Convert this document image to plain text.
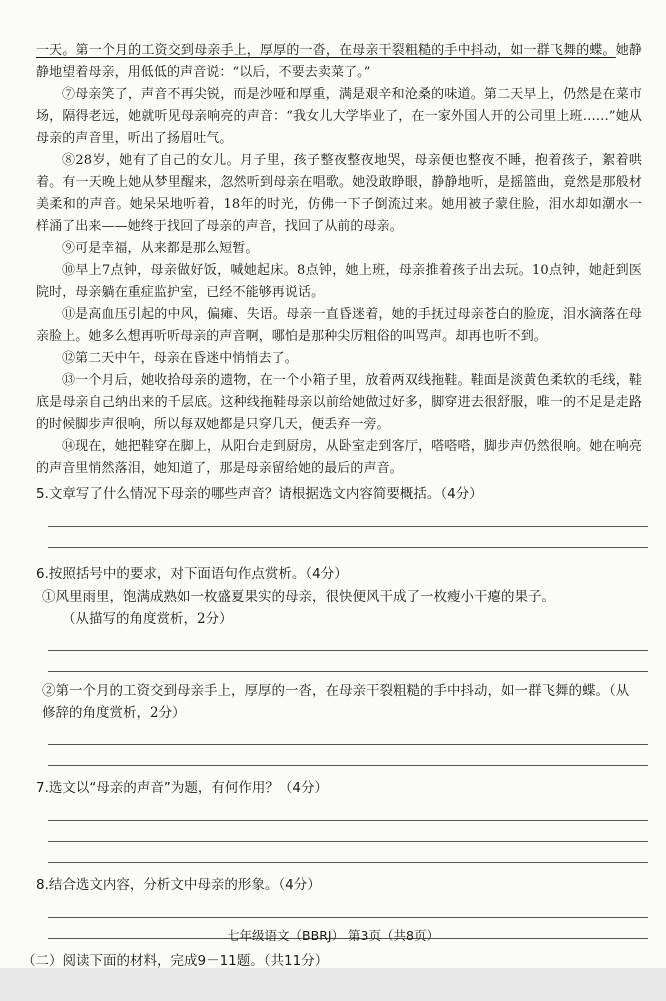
一天。第一个月的工资交到母亲手上，厚厚的一沓，在母亲干裂粗糙的手中抖动，如一群飞舞的蝶。她静静地望着母亲，用低低的声音说：“以后，不要去卖菜了。”

⑦母亲笑了，声音不再尖锐，而是沙哑和厚重，满是艰辛和沧桑的味道。第二天早上，仍然是在菜市场，隔得老远，她就听见母亲响亮的声音：“我女儿大学毕业了，在一家外国人开的公司里上班……”她从母亲的声音里，听出了扬眉吐气。

⑧28岁，她有了自己的女儿。月子里，孩子整夜整夜地哭，母亲便也整夜不睡，抱着孩子，絮着哄着。有一天晚上她从梦里醒来，忽然听到母亲在唱歌。她没敢睁眼，静静地听，是摇篮曲，竟然是那般材美柔和的声音。她呆呆地听着，18年的时光，仿佛一下子倒流过来。她用被子蒙住脸，泪水却如潮水一样涌了出来——她终于找回了母亲的声音，找回了从前的母亲。

⑨可是幸福，从来都是那么短暂。

⑩早上7点钟，母亲做好饭，喊她起床。8点钟，她上班，母亲推着孩子出去玩。10点钟，她赶到医院时，母亲躺在重症监护室，已经不能够再说话。

⑪是高血压引起的中风，偏瘫、失语。母亲一直昏迷着，她的手抚过母亲苍白的脸庞，泪水滴落在母亲脸上。她多么想再听听母亲的声音啊，哪怕是那种尖厉粗俗的叫骂声。却再也听不到。

⑫第二天中午，母亲在昏迷中悄悄去了。

⑬一个月后，她收拾母亲的遗物，在一个小箱子里，放着两双线拖鞋。鞋面是淡黄色柔软的毛线，鞋底是母亲自己纳出来的千层底。这种线拖鞋母亲以前给她做过好多，脚穿进去很舒服，唯一的不足是走路的时候脚步声很响，所以每双她都是只穿几天，便丢弃一旁。

⑭现在，她把鞋穿在脚上，从阳台走到厨房，从卧室走到客厅，嗒嗒嗒，脚步声仍然很响。她在响亮的声音里悄然落泪，她知道了，那是母亲留给她的最后的声音。

5.文章写了什么情况下母亲的哪些声音？请根据选文内容简要概括。（4分）

6.按照括号中的要求，对下面语句作点赏析。（4分）

①风里雨里，饱满成熟如一枚盛夏果实的母亲，很快便风干成了一枚瘦小干瘪的果子。

（从描写的角度赏析，2分）

②第一个月的工资交到母亲手上，厚厚的一沓，在母亲干裂粗糙的手中抖动，如一群飞舞的蝶。（从修辞的角度赏析，2分）

7.选文以“母亲的声音”为题，有何作用？（4分）

8.结合选文内容，分析文中母亲的形象。（4分）

（二）阅读下面的材料，完成9－11题。（共11分）

七年级语文（BBRJ） 第3页（共8页）
